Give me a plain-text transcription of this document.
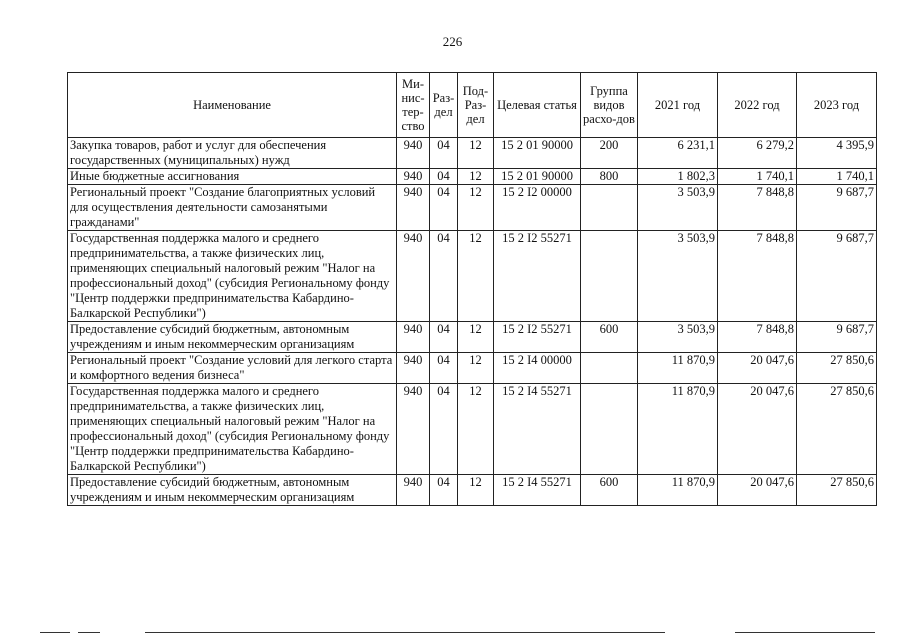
226
Наименование	Ми-нис-тер-ство	Раз-дел	Под-Раз-дел	Целевая статья	Группа видов расхо-дов	2021 год	2022 год	2023 год
Закупка товаров, работ и услуг для обеспечения государственных (муниципальных) нужд	940	04	12	15 2 01 90000	200	6 231,1	6 279,2	4 395,9
Иные бюджетные ассигнования	940	04	12	15 2 01 90000	800	1 802,3	1 740,1	1 740,1
Региональный проект "Создание благоприятных условий для осуществления деятельности самозанятыми гражданами"	940	04	12	15 2 I2 00000		3 503,9	7 848,8	9 687,7
Государственная поддержка малого и среднего предпринимательства, а также физических лиц, применяющих специальный налоговый режим "Налог на профессиональный доход" (субсидия Региональному фонду "Центр поддержки предпринимательства Кабардино-Балкарской Республики")	940	04	12	15 2 I2 55271		3 503,9	7 848,8	9 687,7
Предоставление субсидий бюджетным, автономным учреждениям и иным некоммерческим организациям	940	04	12	15 2 I2 55271	600	3 503,9	7 848,8	9 687,7
Региональный проект "Создание условий для легкого старта и комфортного ведения бизнеса"	940	04	12	15 2 I4 00000		11 870,9	20 047,6	27 850,6
Государственная поддержка малого и среднего предпринимательства, а также физических лиц, применяющих специальный налоговый режим "Налог на профессиональный доход" (субсидия Региональному фонду "Центр поддержки предпринимательства Кабардино-Балкарской Республики")	940	04	12	15 2 I4 55271		11 870,9	20 047,6	27 850,6
Предоставление субсидий бюджетным, автономным учреждениям и иным некоммерческим организациям	940	04	12	15 2 I4 55271	600	11 870,9	20 047,6	27 850,6
